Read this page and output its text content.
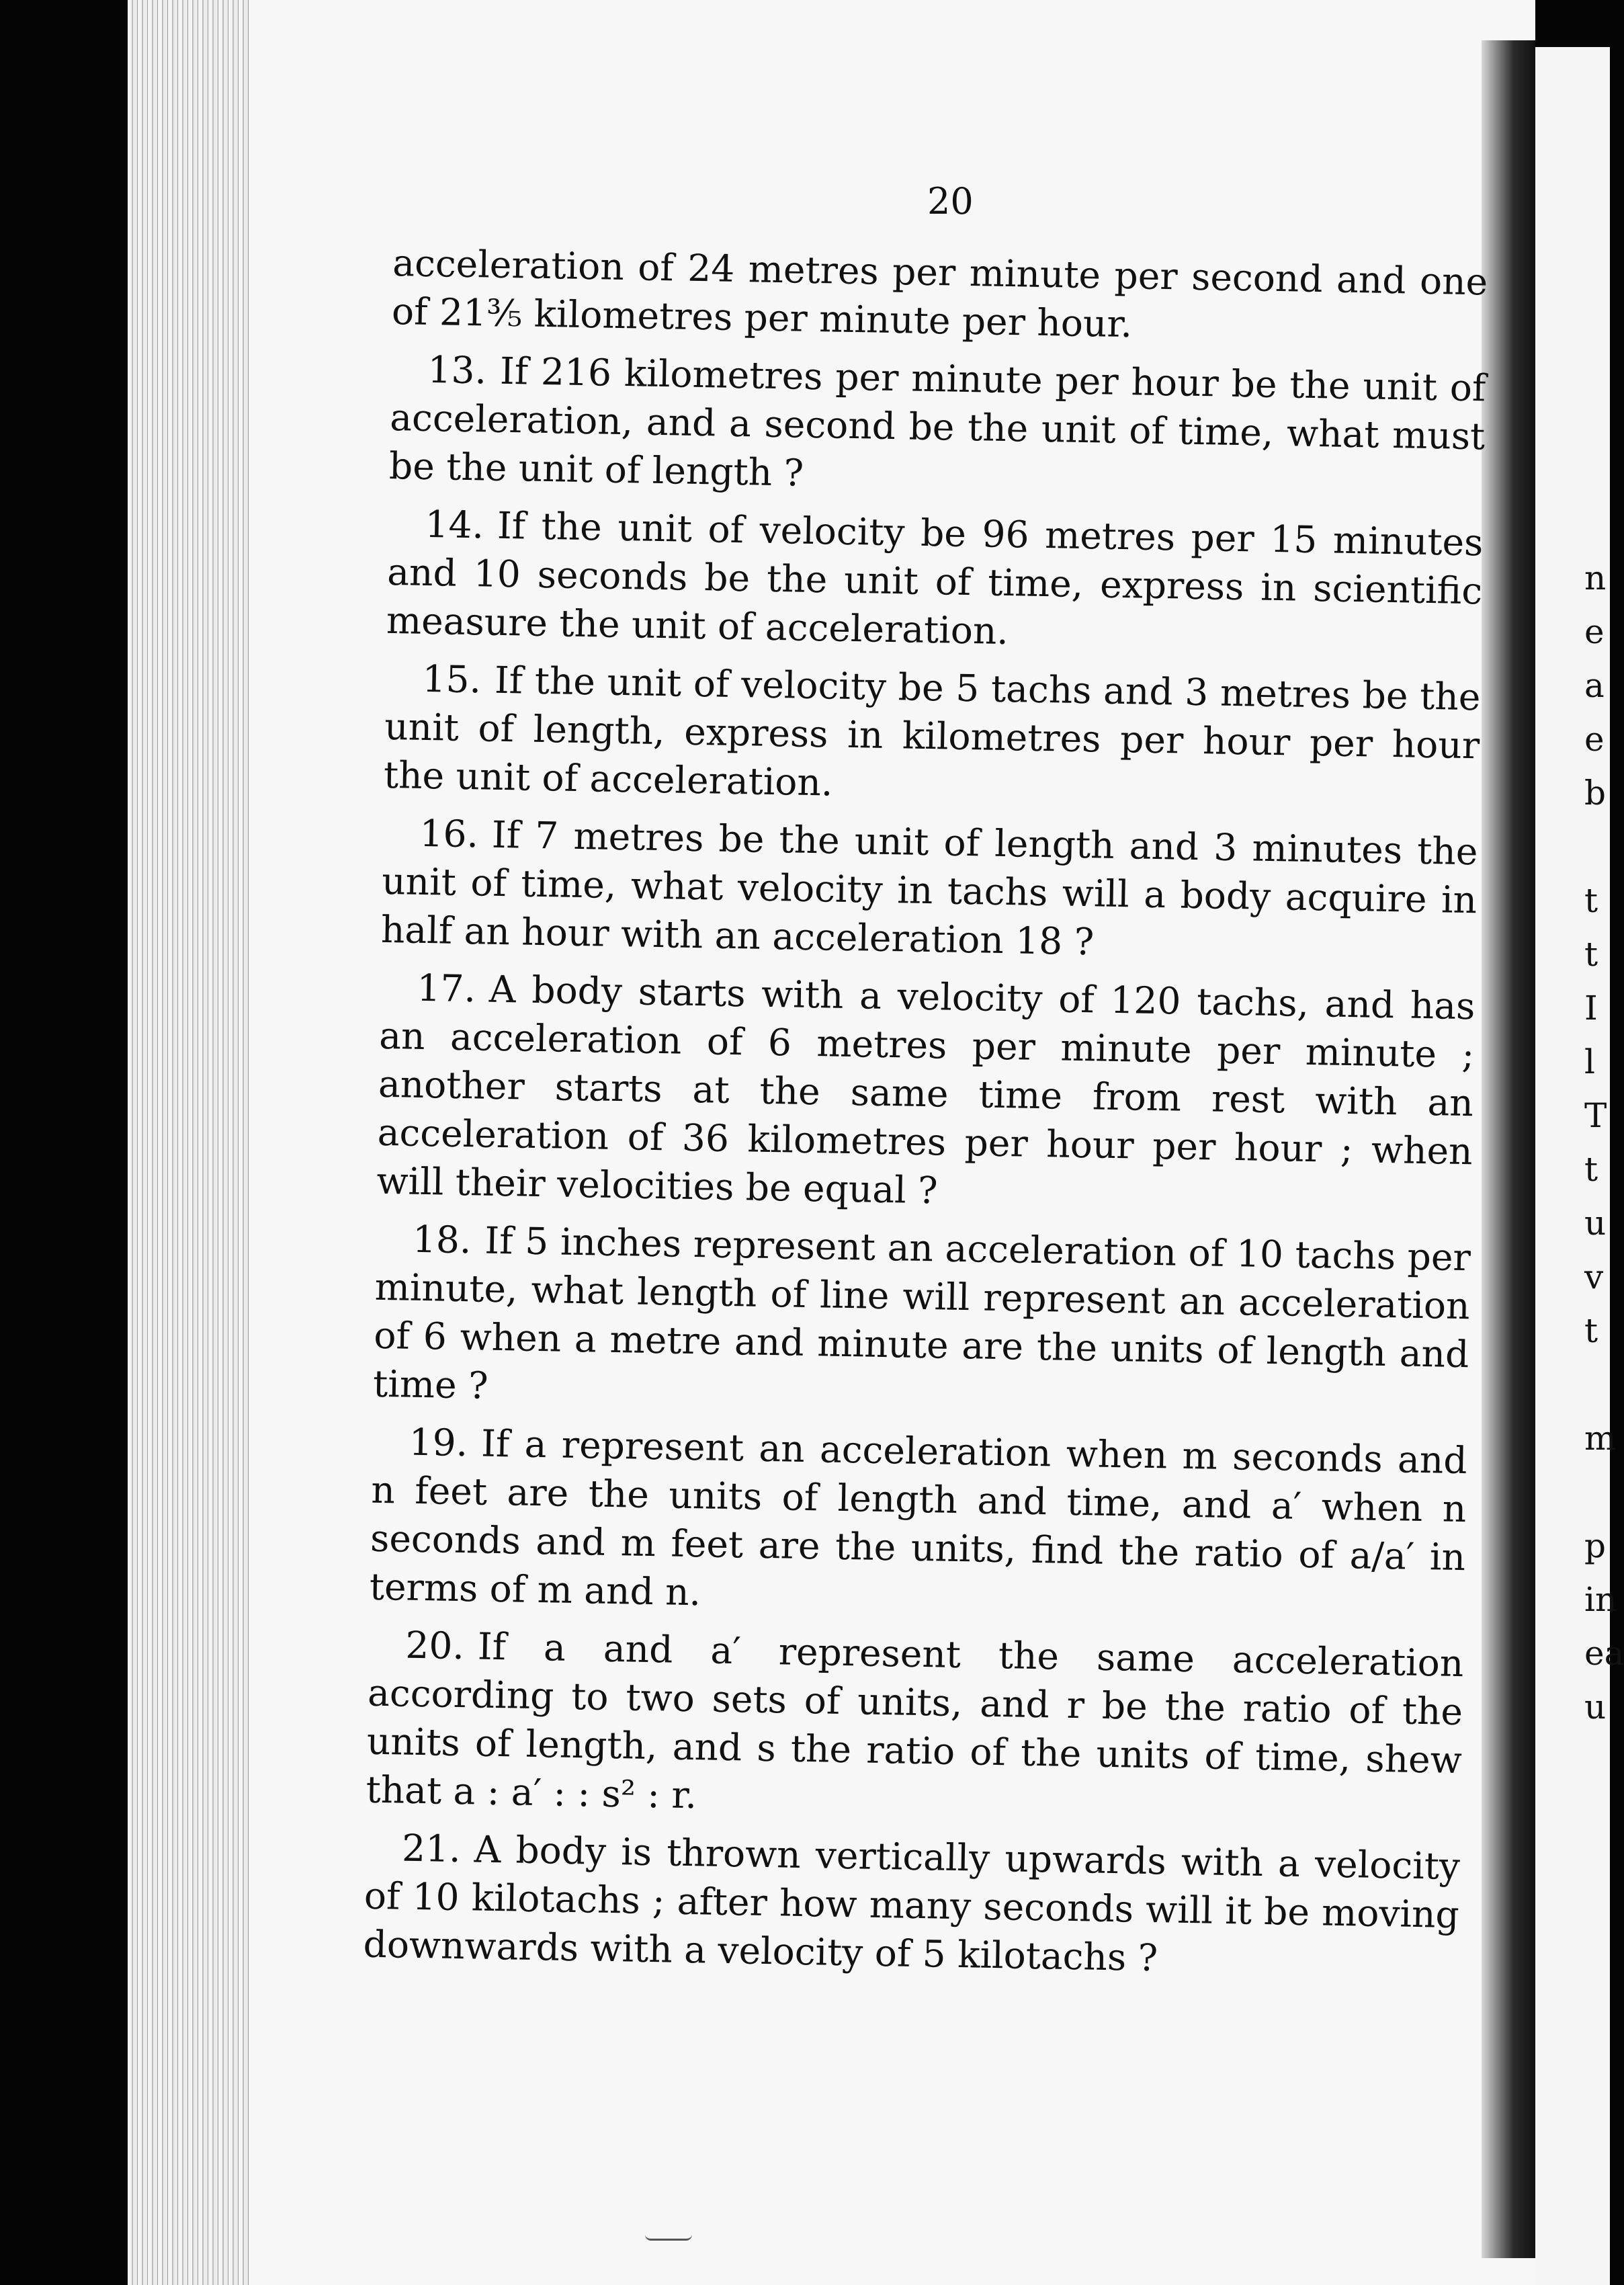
20

acceleration of 24 metres per minute per second and one of 21⅗ kilometres per minute per hour.

13. If 216 kilometres per minute per hour be the unit of acceleration, and a second be the unit of time, what must be the unit of length ?

14. If the unit of velocity be 96 metres per 15 minutes and 10 seconds be the unit of time, express in scientific measure the unit of acceleration.

15. If the unit of velocity be 5 tachs and 3 metres be the unit of length, express in kilometres per hour per hour the unit of acceleration.

16. If 7 metres be the unit of length and 3 minutes the unit of time, what velocity in tachs will a body acquire in half an hour with an acceleration 18 ?

17. A body starts with a velocity of 120 tachs, and has an acceleration of 6 metres per minute per minute ; another starts at the same time from rest with an acceleration of 36 kilometres per hour per hour ; when will their velocities be equal ?

18. If 5 inches represent an acceleration of 10 tachs per minute, what length of line will represent an acceleration of 6 when a metre and minute are the units of length and time ?

19. If a represent an acceleration when m seconds and n feet are the units of length and time, and a′ when n seconds and m feet are the units, find the ratio of a/a′ in terms of m and n.

20. If a and a′ represent the same acceleration according to two sets of units, and r be the ratio of the units of length, and s the ratio of the units of time, shew that a : a′ : : s² : r.

21. A body is thrown vertically upwards with a velocity of 10 kilotachs ; after how many seconds will it be moving downwards with a velocity of 5 kilotachs ?

n
e
a
e
b

t
t
I
l
T
t
u
v
t

m

p
in
ea
u
